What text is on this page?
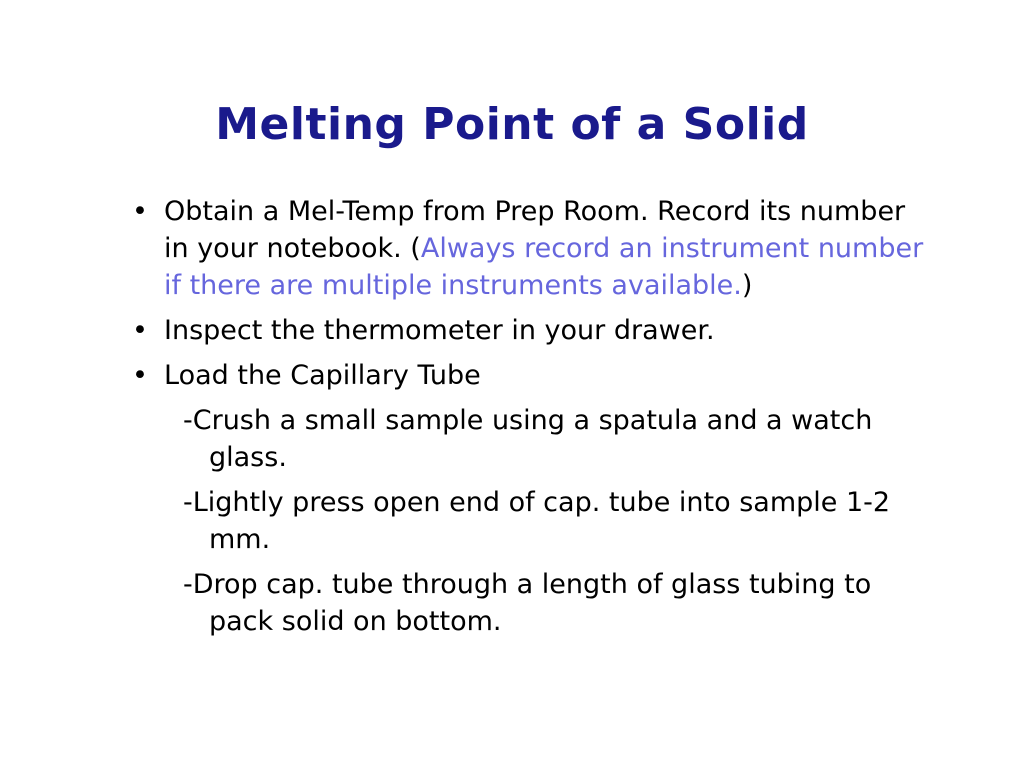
Melting Point of a Solid
• Obtain a Mel-Temp from Prep Room. Record its number in your notebook. (Always record an instrument number if there are multiple instruments available.)
• Inspect the thermometer in your drawer.
• Load the Capillary Tube
-Crush a small sample using a spatula and a watch glass.
-Lightly press open end of cap. tube into sample 1-2 mm.
-Drop cap. tube through a length of glass tubing to pack solid on bottom.
